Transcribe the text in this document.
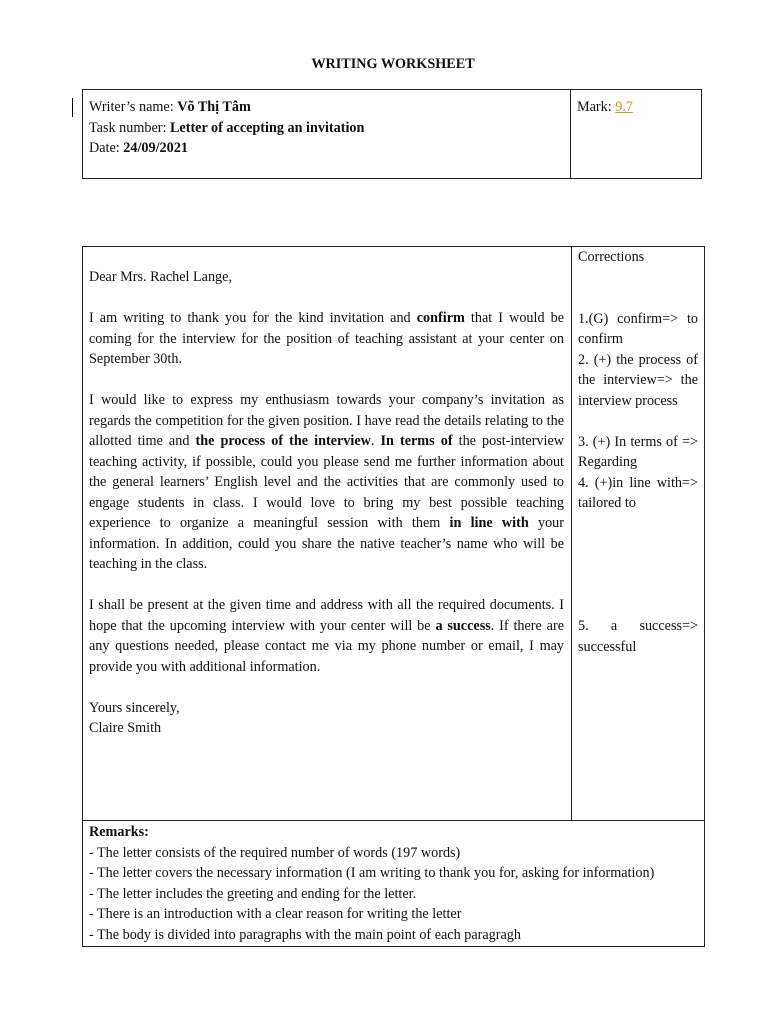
WRITING WORKSHEET
Writer’s name: Võ Thị Tâm
Task number: Letter of accepting an invitation
Date: 24/09/2021
	Mark: 9.7

Dear Mrs. Rachel Lange,

I am writing to thank you for the kind invitation and confirm that I would be coming for the interview for the position of teaching assistant at your center on September 30th.

I would like to express my enthusiasm towards your company’s invitation as regards the competition for the given position. I have read the details relating to the allotted time and the process of the interview. In terms of the post-interview teaching activity, if possible, could you please send me further information about the general learners’ English level and the activities that are commonly used to engage students in class. I would love to bring my best possible teaching experience to organize a meaningful session with them in line with your information. In addition, could you share the native teacher’s name who will be teaching in the class.

I shall be present at the given time and address with all the required documents. I hope that the upcoming interview with your center will be a success. If there are any questions needed, please contact me via my phone number or email, I may provide you with additional information.

Yours sincerely,

Claire Smith

Corrections

1.(G) confirm=> to confirm

2. (+) the process of the interview=> the interview process

3. (+) In terms of => Regarding

4. (+)in line with=> tailored to

5. a success=> successful

Remarks:
- The letter consists of the required number of words (197 words)
- The letter covers the necessary information (I am writing to thank you for, asking for information)
- The letter includes the greeting and ending for the letter.
- There is an introduction with a clear reason for writing the letter
- The body is divided into paragraphs with the main point of each paragragh
